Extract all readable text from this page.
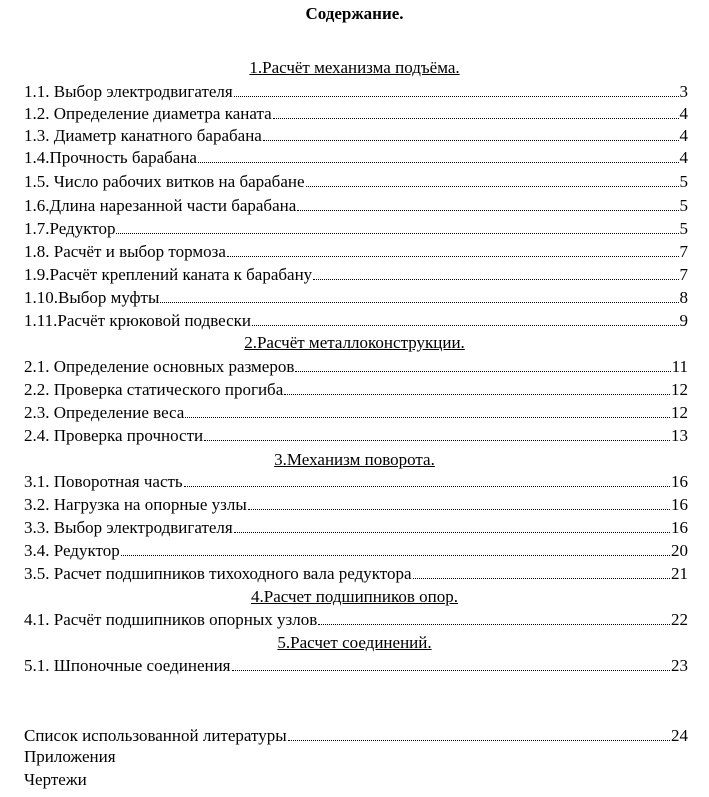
Содержание.
1.Расчёт механизма подъёма.
1.1. Выбор электродвигателя	3
1.2. Определение диаметра каната	4
1.3. Диаметр канатного барабана	4
1.4.Прочность барабана	4
1.5. Число рабочих витков на барабане	5
1.6.Длина нарезанной части барабана	5
1.7.Редуктор	5
1.8. Расчёт и выбор тормоза	7
1.9.Расчёт креплений каната к барабану	7
1.10.Выбор муфты	8
1.11.Расчёт крюковой подвески	9
2.Расчёт металлоконструкции.
2.1. Определение основных размеров	11
2.2. Проверка статического прогиба	12
2.3. Определение веса	12
2.4. Проверка прочности	13
3.Механизм поворота.
3.1. Поворотная часть	16
3.2. Нагрузка на опорные узлы	16
3.3. Выбор электродвигателя	16
3.4. Редуктор	20
3.5. Расчет подшипников тихоходного вала редуктора	21
4.Расчет подшипников опор.
4.1. Расчёт подшипников опорных узлов	22
5.Расчет соединений.
5.1. Шпоночные соединения	23
Список использованной литературы	24
Приложения
Чертежи
